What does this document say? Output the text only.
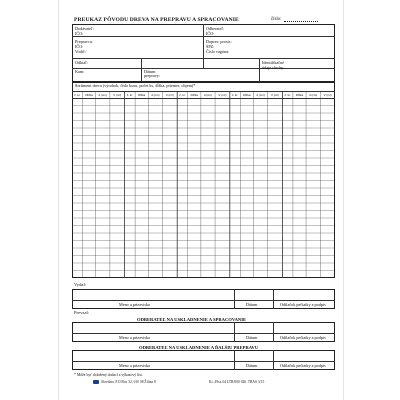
PREUKAZ PÔVODU DREVA NA PREPRAVU A SPRACOVANIE	číslo:
Dodávateľ:
IČO:
Odberateľ:
IČO:
Prepravca:
IČO:
Vodič:
Doprav. prostr.:
ŠPZ:
Číslo vagóna:
Odkiaľ:
Kam:	Dátum
prepravy:
Identifikačné
údaje cluchy:
Sortiment dreva (výrobok, číslo kusu, počet ks, dĺžka, priemer, objem)*
č. kr. Dĺžka d (cm) V (m³) č. kr. Dĺžka d (cm) V (m³) č. kr. Dĺžka d (cm) V (m³) č. kr. Dĺžka d (cm) V (m³) č. kr. Dĺžka d (cm) V (m³)
Vydal:
Meno a priezvisko	Dátum	Odtlačok pečiatky a podpis
Prevzal:
ODBERATEĽ NA USKLADNENIE A SPRACOVANIE
Meno a priezvisko	Dátum	Odtlačok pečiatky a podpis
ODBERATEĽ NA USKLADNENIE A ĎALŠIU PREPRAVU
Meno a priezvisko	Dátum	Odtlačok pečiatky a podpis
* Môže byť doložený dodací a výkazový list.
Slovdata, P.O.Box 32, 010 08 Žilina 8	Kt. 49xx 04 LTR/000 026. TBAS 3/15
